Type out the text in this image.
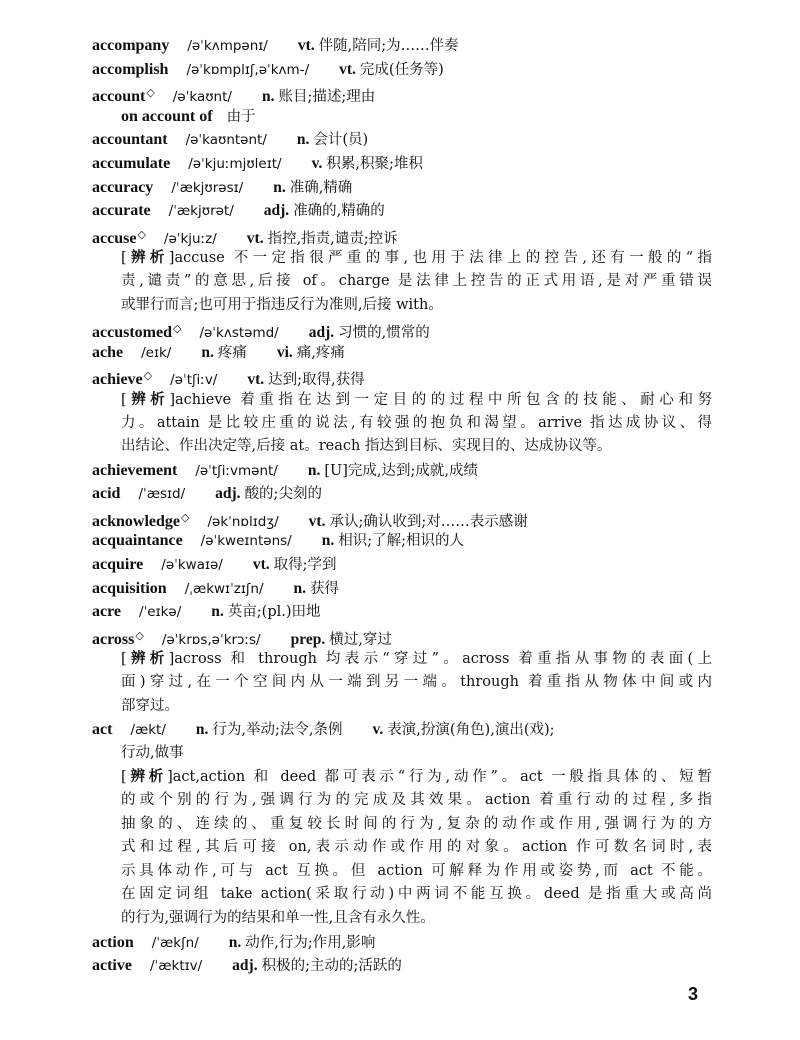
accompany /əˈkʌmpənɪ/ vt. 伴随,陪同;为……伴奏
accomplish /əˈkɒmplɪʃ,əˈkʌm-/ vt. 完成(任务等)
account◇ /əˈkaʊnt/ n. 账目;描述;理由
on account of 由于
accountant /əˈkaʊntənt/ n. 会计(员)
accumulate /əˈkjuːmjʊleɪt/ v. 积累,积聚;堆积
accuracy /ˈækjʊrəsɪ/ n. 准确,精确
accurate /ˈækjʊrət/ adj. 准确的,精确的
accuse◇ /əˈkjuːz/ vt. 指控,指责,谴责;控诉
[辨析]accuse 不一定指很严重的事,也用于法律上的控告,还有一般的“指
责,谴责”的意思,后接 of。charge 是法律上控告的正式用语,是对严重错误
或罪行而言;也可用于指违反行为准则,后接 with。
accustomed◇ /əˈkʌstəmd/ adj. 习惯的,惯常的
ache /eɪk/ n. 疼痛 vi. 痛,疼痛
achieve◇ /əˈtʃiːv/ vt. 达到;取得,获得
[辨析]achieve 着重指在达到一定目的的过程中所包含的技能、耐心和努
力。attain 是比较庄重的说法,有较强的抱负和渴望。arrive 指达成协议、得
出结论、作出决定等,后接 at。reach 指达到目标、实现目的、达成协议等。
achievement /əˈtʃiːvmənt/ n. [U]完成,达到;成就,成绩
acid /ˈæsɪd/ adj. 酸的;尖刻的
acknowledge◇ /əkˈnɒlɪdʒ/ vt. 承认;确认收到;对……表示感谢
acquaintance /əˈkweɪntəns/ n. 相识;了解;相识的人
acquire /əˈkwaɪə/ vt. 取得;学到
acquisition /ˌækwɪˈzɪʃn/ n. 获得
acre /ˈeɪkə/ n. 英亩;(pl.)田地
across◇ /əˈkrɒs,əˈkrɔːs/ prep. 横过,穿过
[辨析]across 和 through 均表示“穿过”。across 着重指从事物的表面(上
面)穿过,在一个空间内从一端到另一端。through 着重指从物体中间或内
部穿过。
act /ækt/ n. 行为,举动;法令,条例 v. 表演,扮演(角色),演出(戏);
行动,做事
[辨析]act,action 和 deed 都可表示“行为,动作”。act 一般指具体的、短暂
的或个别的行为,强调行为的完成及其效果。action 着重行动的过程,多指
抽象的、连续的、重复较长时间的行为,复杂的动作或作用,强调行为的方
式和过程,其后可接 on,表示动作或作用的对象。action 作可数名词时,表
示具体动作,可与 act 互换。但 action 可解释为作用或姿势,而 act 不能。
在固定词组 take action(采取行动)中两词不能互换。deed 是指重大或高尚
的行为,强调行为的结果和单一性,且含有永久性。
action /ˈækʃn/ n. 动作,行为;作用,影响
active /ˈæktɪv/ adj. 积极的;主动的;活跃的
3
